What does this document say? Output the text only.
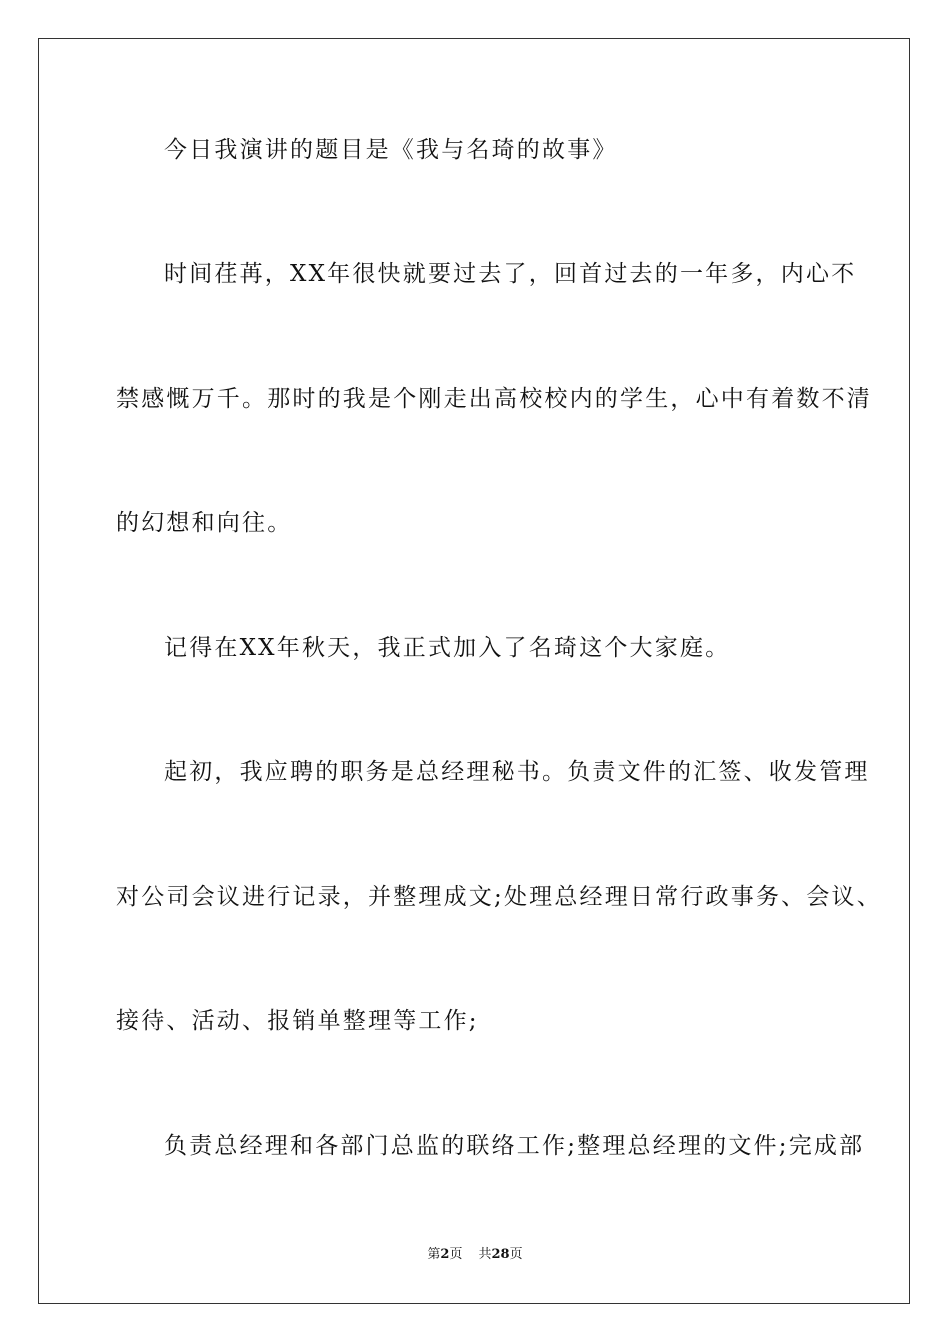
今日我演讲的题目是《我与名琦的故事》
时间荏苒，XX年很快就要过去了，回首过去的一年多，内心不
禁感慨万千。那时的我是个刚走出高校校内的学生，心中有着数不清
的幻想和向往。
记得在XX年秋天，我正式加入了名琦这个大家庭。
起初，我应聘的职务是总经理秘书。负责文件的汇签、收发管理
对公司会议进行记录，并整理成文;处理总经理日常行政事务、会议、
接待、活动、报销单整理等工作;
负责总经理和各部门总监的联络工作;整理总经理的文件;完成部
第2页 共28页
